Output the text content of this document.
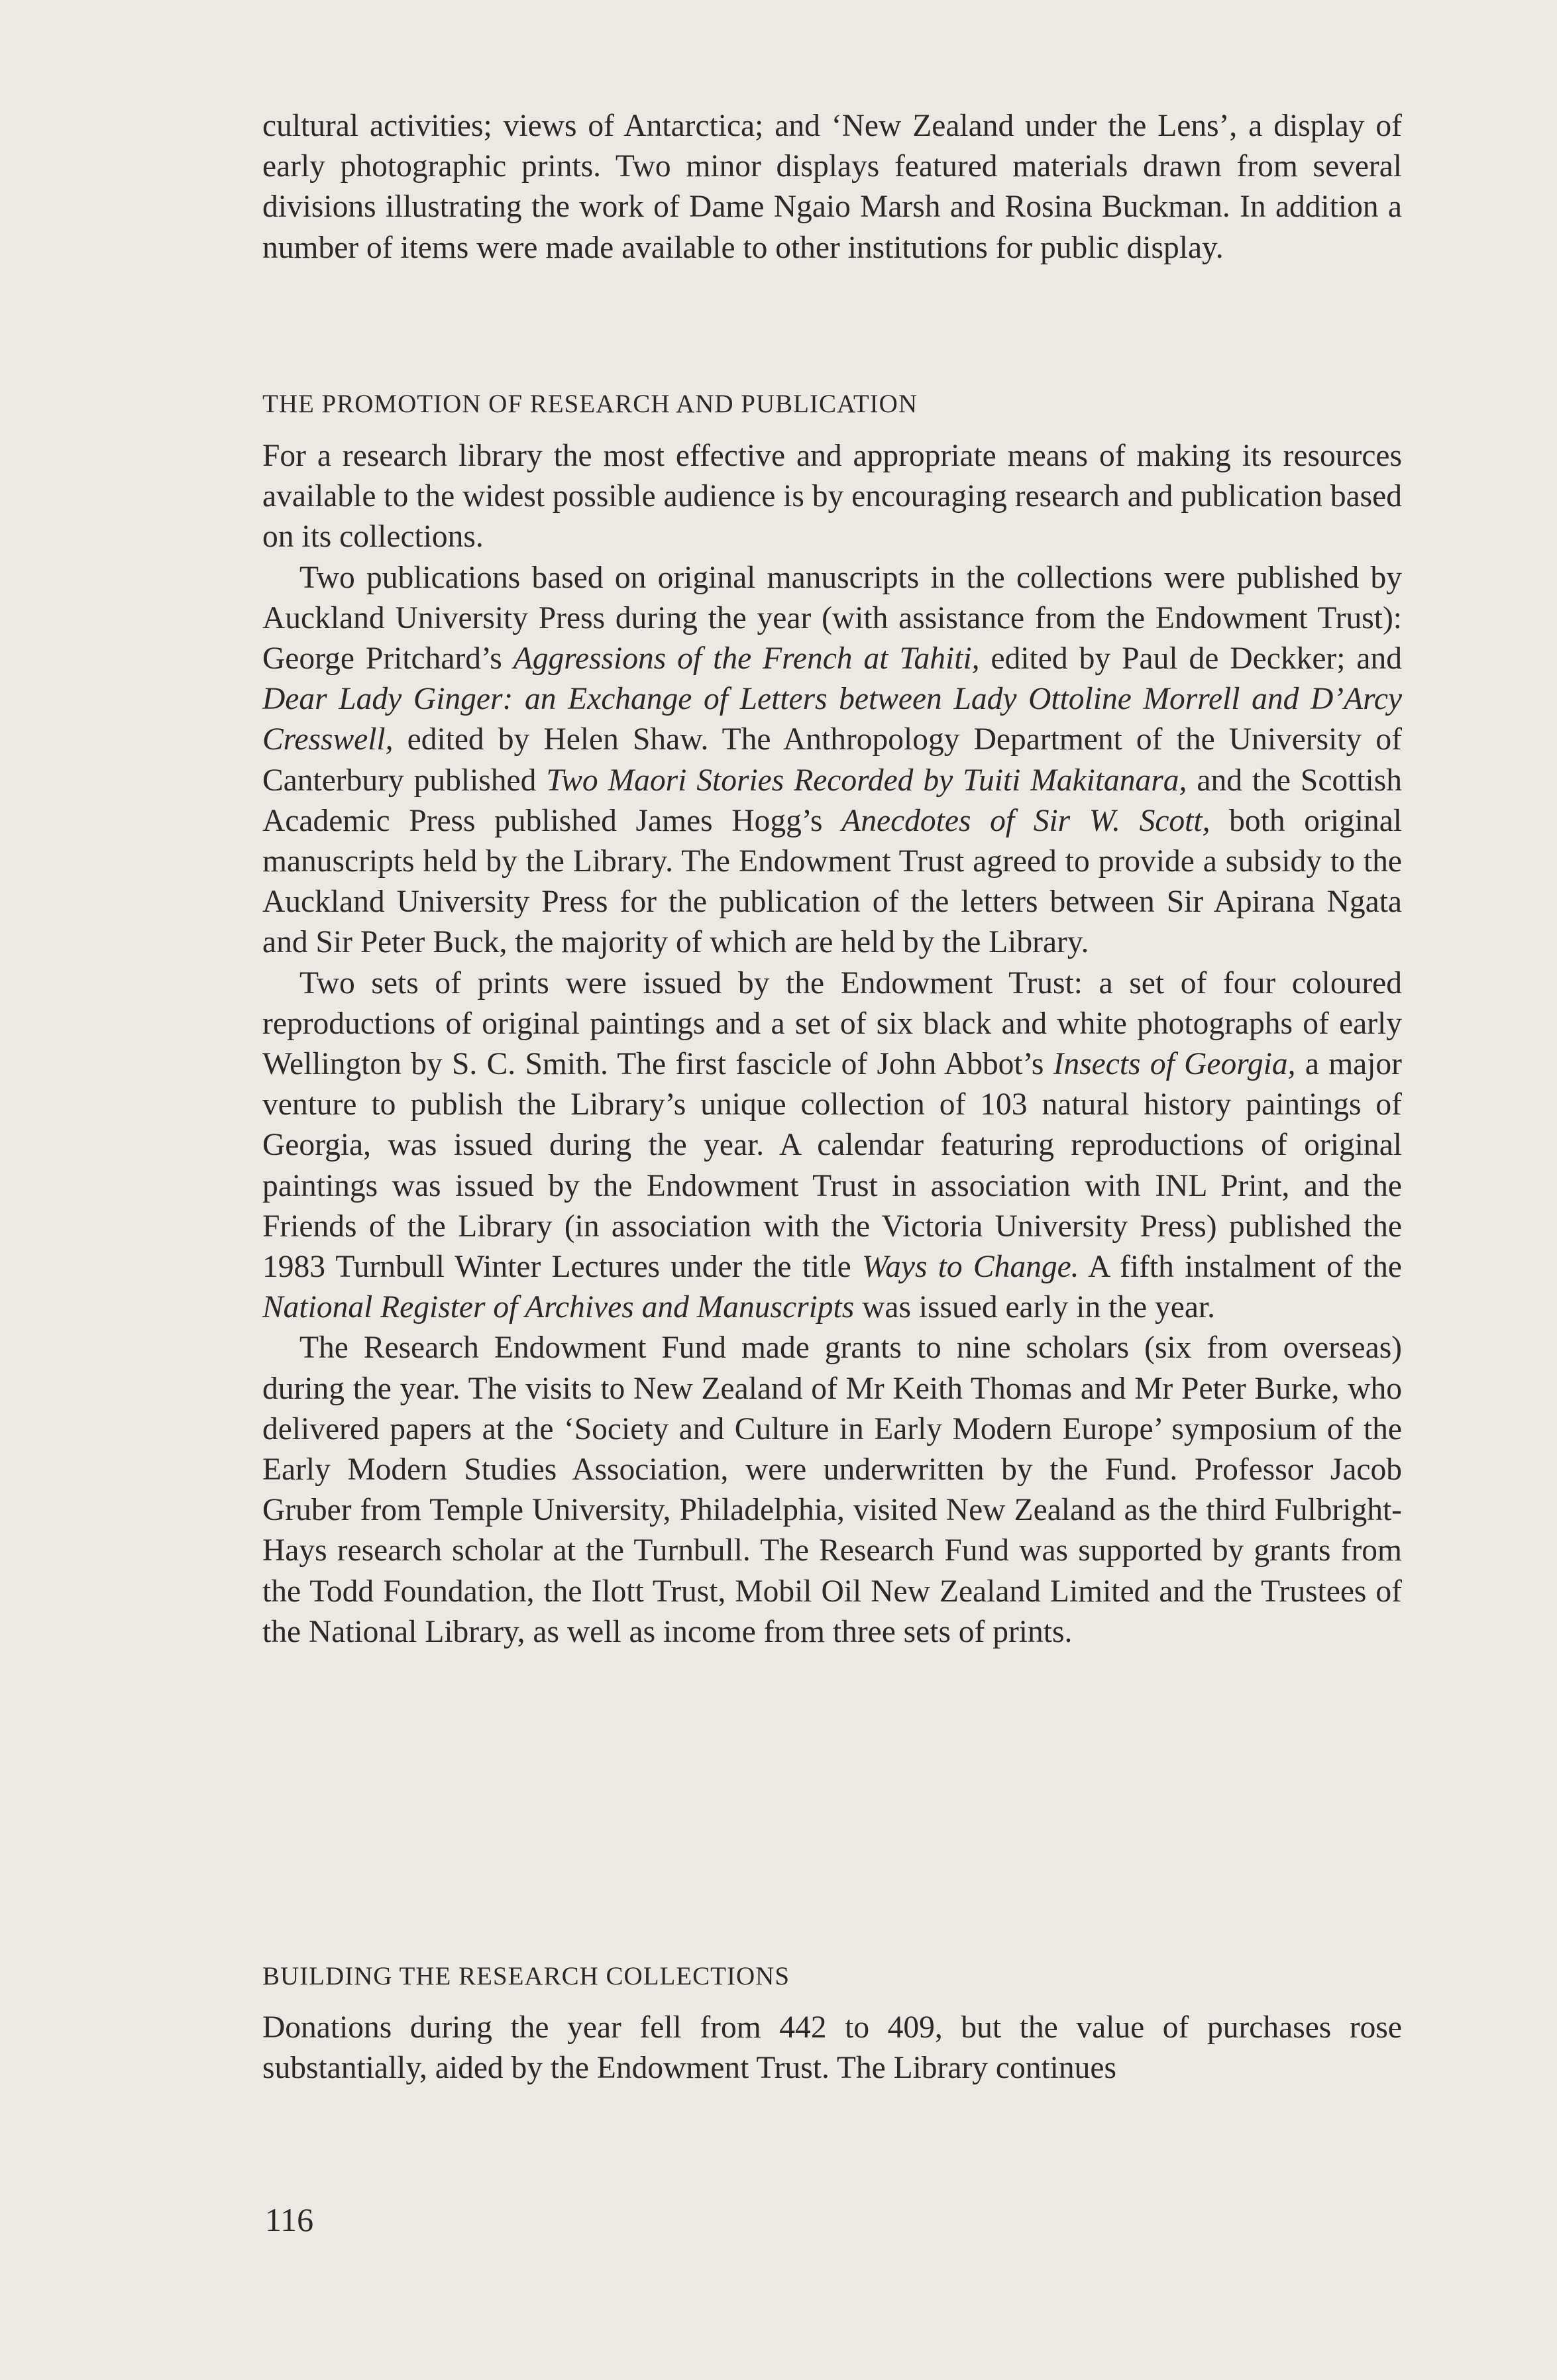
cultural activities; views of Antarctica; and ‘New Zealand under the Lens’, a display of early photographic prints. Two minor displays featured materials drawn from several divisions illustrating the work of Dame Ngaio Marsh and Rosina Buckman. In addition a number of items were made available to other institutions for public display.

THE PROMOTION OF RESEARCH AND PUBLICATION

For a research library the most effective and appropriate means of making its resources available to the widest possible audience is by encouraging research and publication based on its collections.

Two publications based on original manuscripts in the collections were published by Auckland University Press during the year (with assistance from the Endowment Trust): George Pritchard’s Aggressions of the French at Tahiti, edited by Paul de Deckker; and Dear Lady Ginger: an Exchange of Letters between Lady Ottoline Morrell and D’Arcy Cresswell, edited by Helen Shaw. The Anthropology Department of the University of Canterbury published Two Maori Stories Recorded by Tuiti Makitanara, and the Scottish Academic Press published James Hogg’s Anecdotes of Sir W. Scott, both original manuscripts held by the Library. The Endowment Trust agreed to provide a subsidy to the Auckland University Press for the publication of the letters between Sir Apirana Ngata and Sir Peter Buck, the majority of which are held by the Library.

Two sets of prints were issued by the Endowment Trust: a set of four coloured reproductions of original paintings and a set of six black and white photographs of early Wellington by S. C. Smith. The first fascicle of John Abbot’s Insects of Georgia, a major venture to publish the Library’s unique collection of 103 natural history paintings of Georgia, was issued during the year. A calendar featuring reproductions of original paintings was issued by the Endowment Trust in association with INL Print, and the Friends of the Library (in association with the Victoria University Press) published the 1983 Turnbull Winter Lectures under the title Ways to Change. A fifth instalment of the National Register of Archives and Manuscripts was issued early in the year.

The Research Endowment Fund made grants to nine scholars (six from overseas) during the year. The visits to New Zealand of Mr Keith Thomas and Mr Peter Burke, who delivered papers at the ‘Society and Culture in Early Modern Europe’ symposium of the Early Modern Studies Association, were underwritten by the Fund. Professor Jacob Gruber from Temple University, Philadelphia, visited New Zealand as the third Fulbright-Hays research scholar at the Turnbull. The Research Fund was supported by grants from the Todd Foundation, the Ilott Trust, Mobil Oil New Zealand Limited and the Trustees of the National Library, as well as income from three sets of prints.

BUILDING THE RESEARCH COLLECTIONS

Donations during the year fell from 442 to 409, but the value of purchases rose substantially, aided by the Endowment Trust. The Library continues

116
